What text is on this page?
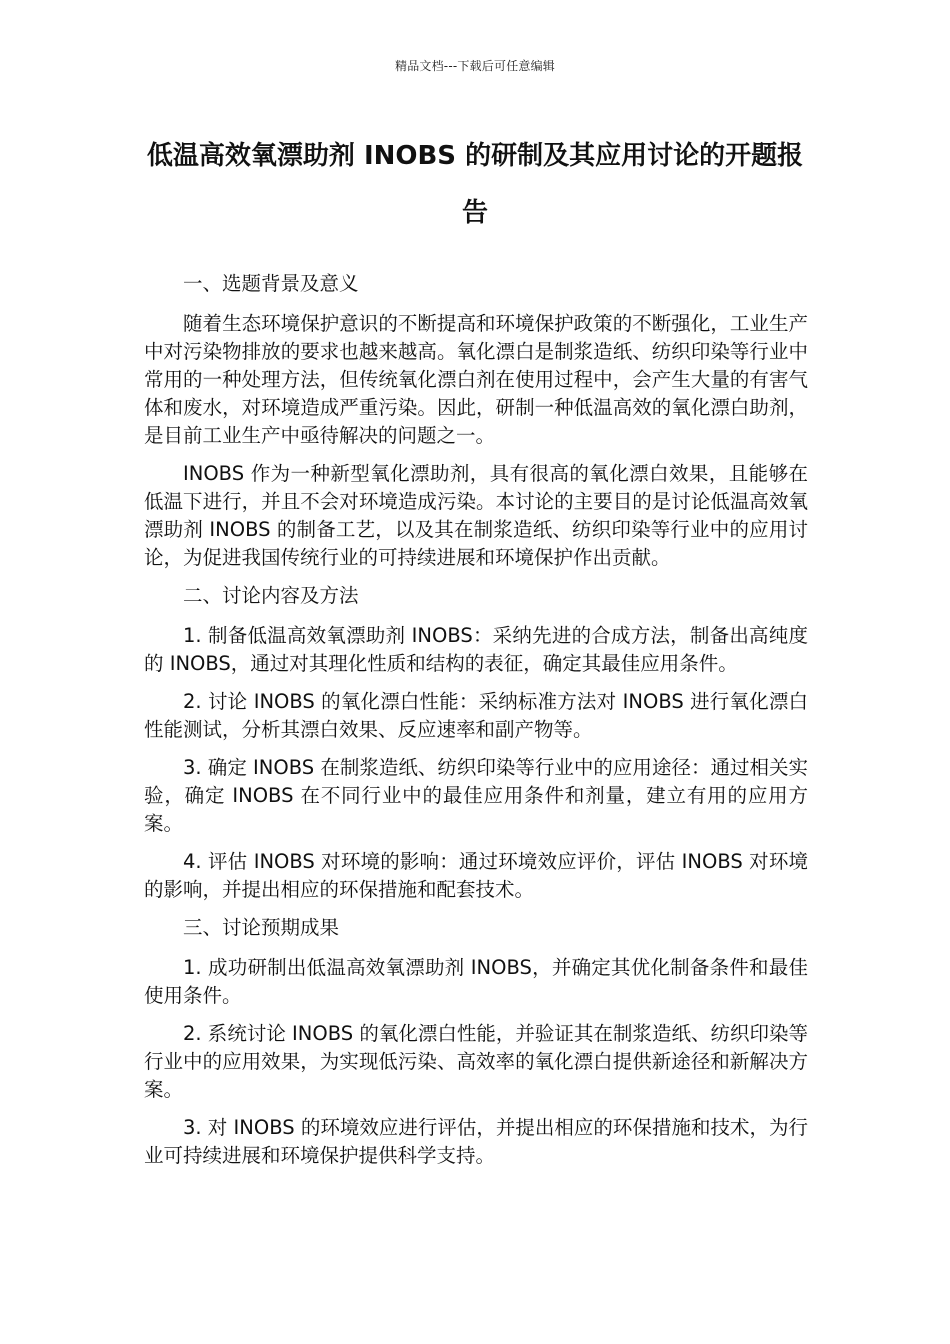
精品文档---下载后可任意编辑
低温高效氧漂助剂 INOBS 的研制及其应用讨论的开题报告

一、选题背景及意义

随着生态环境保护意识的不断提高和环境保护政策的不断强化，工业生产中对污染物排放的要求也越来越高。氧化漂白是制浆造纸、纺织印染等行业中常用的一种处理方法，但传统氧化漂白剂在使用过程中，会产生大量的有害气体和废水，对环境造成严重污染。因此，研制一种低温高效的氧化漂白助剂，是目前工业生产中亟待解决的问题之一。

INOBS 作为一种新型氧化漂助剂，具有很高的氧化漂白效果，且能够在低温下进行，并且不会对环境造成污染。本讨论的主要目的是讨论低温高效氧漂助剂 INOBS 的制备工艺，以及其在制浆造纸、纺织印染等行业中的应用讨论，为促进我国传统行业的可持续进展和环境保护作出贡献。

二、讨论内容及方法

1. 制备低温高效氧漂助剂 INOBS：采纳先进的合成方法，制备出高纯度的 INOBS，通过对其理化性质和结构的表征，确定其最佳应用条件。

2. 讨论 INOBS 的氧化漂白性能：采纳标准方法对 INOBS 进行氧化漂白性能测试，分析其漂白效果、反应速率和副产物等。

3. 确定 INOBS 在制浆造纸、纺织印染等行业中的应用途径：通过相关实验，确定 INOBS 在不同行业中的最佳应用条件和剂量，建立有用的应用方案。

4. 评估 INOBS 对环境的影响：通过环境效应评价，评估 INOBS 对环境的影响，并提出相应的环保措施和配套技术。

三、讨论预期成果

1. 成功研制出低温高效氧漂助剂 INOBS，并确定其优化制备条件和最佳使用条件。

2. 系统讨论 INOBS 的氧化漂白性能，并验证其在制浆造纸、纺织印染等行业中的应用效果，为实现低污染、高效率的氧化漂白提供新途径和新解决方案。

3. 对 INOBS 的环境效应进行评估，并提出相应的环保措施和技术，为行业可持续进展和环境保护提供科学支持。
